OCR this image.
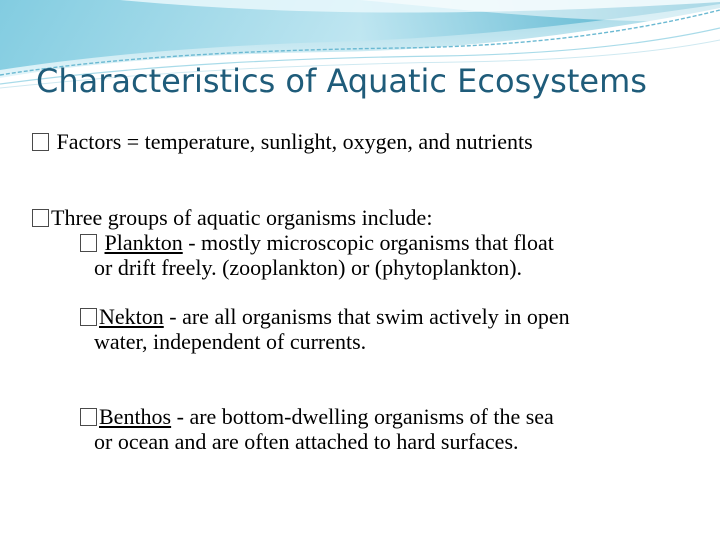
Characteristics of Aquatic Ecosystems
Factors = temperature, sunlight, oxygen, and nutrients
Three groups of aquatic organisms include:
Plankton - mostly microscopic organisms that float
or drift freely. (zooplankton) or (phytoplankton).
Nekton - are all organisms that swim actively in open
water, independent of currents.
Benthos - are bottom-dwelling organisms of the sea
or ocean and are often attached to hard surfaces.
